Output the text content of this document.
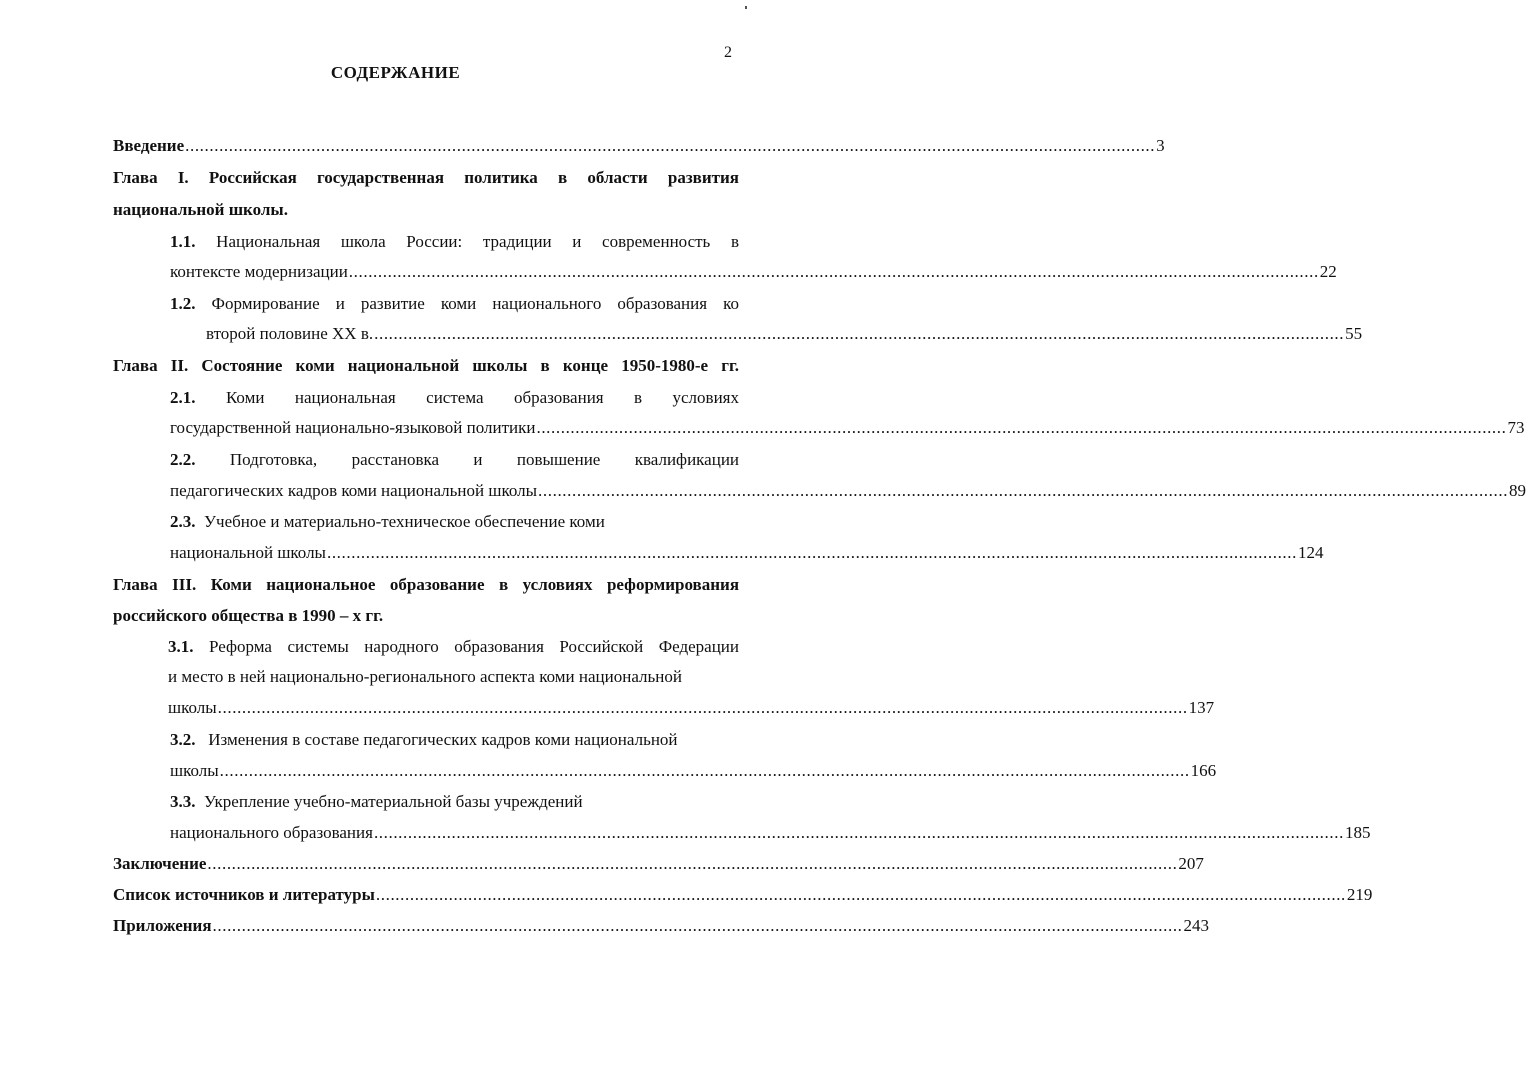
2
СОДЕРЖАНИЕ
Введение ........................................................................................................................................................................................................ 3
Глава I. Российская государственная политика в области развития
национальной школы.
1.1. Национальная школа России: традиции и современность в
контексте модернизации ........................................................................................................................................................................................................ 22
1.2. Формирование и развитие коми национального образования ко
второй половине XX в. ........................................................................................................................................................................................................ 55
Глава II. Состояние коми национальной школы в конце 1950-1980-е гг.
2.1. Коми национальная система образования в условиях
государственной национально-языковой политики ........................................................................................................................................................................................................ 73
2.2. Подготовка, расстановка и повышение квалификации
педагогических кадров коми национальной школы ........................................................................................................................................................................................................ 89
2.3. Учебное и материально-техническое обеспечение коми
национальной школы ........................................................................................................................................................................................................ 124
Глава III. Коми национальное образование в условиях реформирования
российского общества в 1990 – х гг.
3.1. Реформа системы народного образования Российской Федерации
и место в ней национально-регионального аспекта коми национальной
школы ........................................................................................................................................................................................................ 137
3.2. Изменения в составе педагогических кадров коми национальной
школы ........................................................................................................................................................................................................ 166
3.3. Укрепление учебно-материальной базы учреждений
национального образования ........................................................................................................................................................................................................ 185
Заключение ........................................................................................................................................................................................................ 207
Список источников и литературы ........................................................................................................................................................................................................ 219
Приложения ........................................................................................................................................................................................................ 243
